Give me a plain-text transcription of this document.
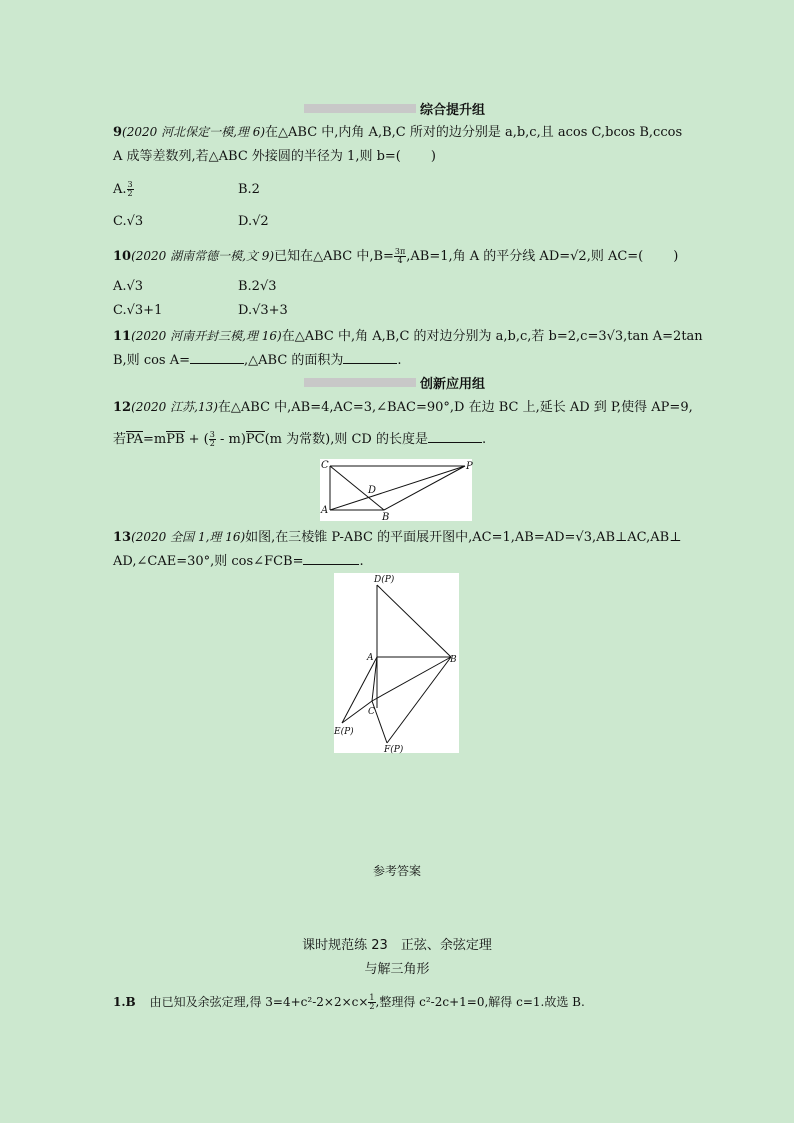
综合提升组
9(2020 河北保定一模,理 6)在△ABC 中,内角 A,B,C 所对的边分别是 a,b,c,且 acos C,bcos B,ccos
A 成等差数列,若△ABC 外接圆的半径为 1,则 b=( )
A. $\frac{3}{2}$	B.2
C.√3	D.√2
10(2020 湖南常德一模,文 9)已知在△ABC 中$,B= \frac{3\pi}{4} ,AB=1$,角 A 的平分线 AD=√2,则 AC=( )
A.√3	B.2√3
C.√3+1	D.√3+3
11(2020 河南开封三模,理 16)在△ABC 中,角 A,B,C 的对边分别为 a,b,c,若 b=2,c=3√3,tan A=2tan
B,则 cos A=	,△ABC 的面积为	.
创新应用组
12(2020 江苏,13)在△ABC 中,AB=4,AC=3,∠BAC=90°,D 在边 BC 上,延长 AD 到 P,使得 AP=9,
若PA=mPB + ( $\frac{3}{2} - m)PC(m$ 为常数),则 CD 的长度是	.
C	P
D
A
B
13(2020 全国 1,理 16)如图,在三棱锥 P-ABC 的平面展开图中,AC=1,AB=AD=√3,AB⊥AC,AB⊥
AD,∠CAE=30°,则 cos∠FCB=	.
D(P)
A	B
C
E(P)
F(P)
参考答案
课时规范练 23　正弦、余弦定理
与解三角形
1.B 由已知及余弦定理,得 $3=4+c^2-2\times 2\times c\times \frac{1}{2}$ ,整理得 c²-2c+1=0,解得 c=1.故选 B.
